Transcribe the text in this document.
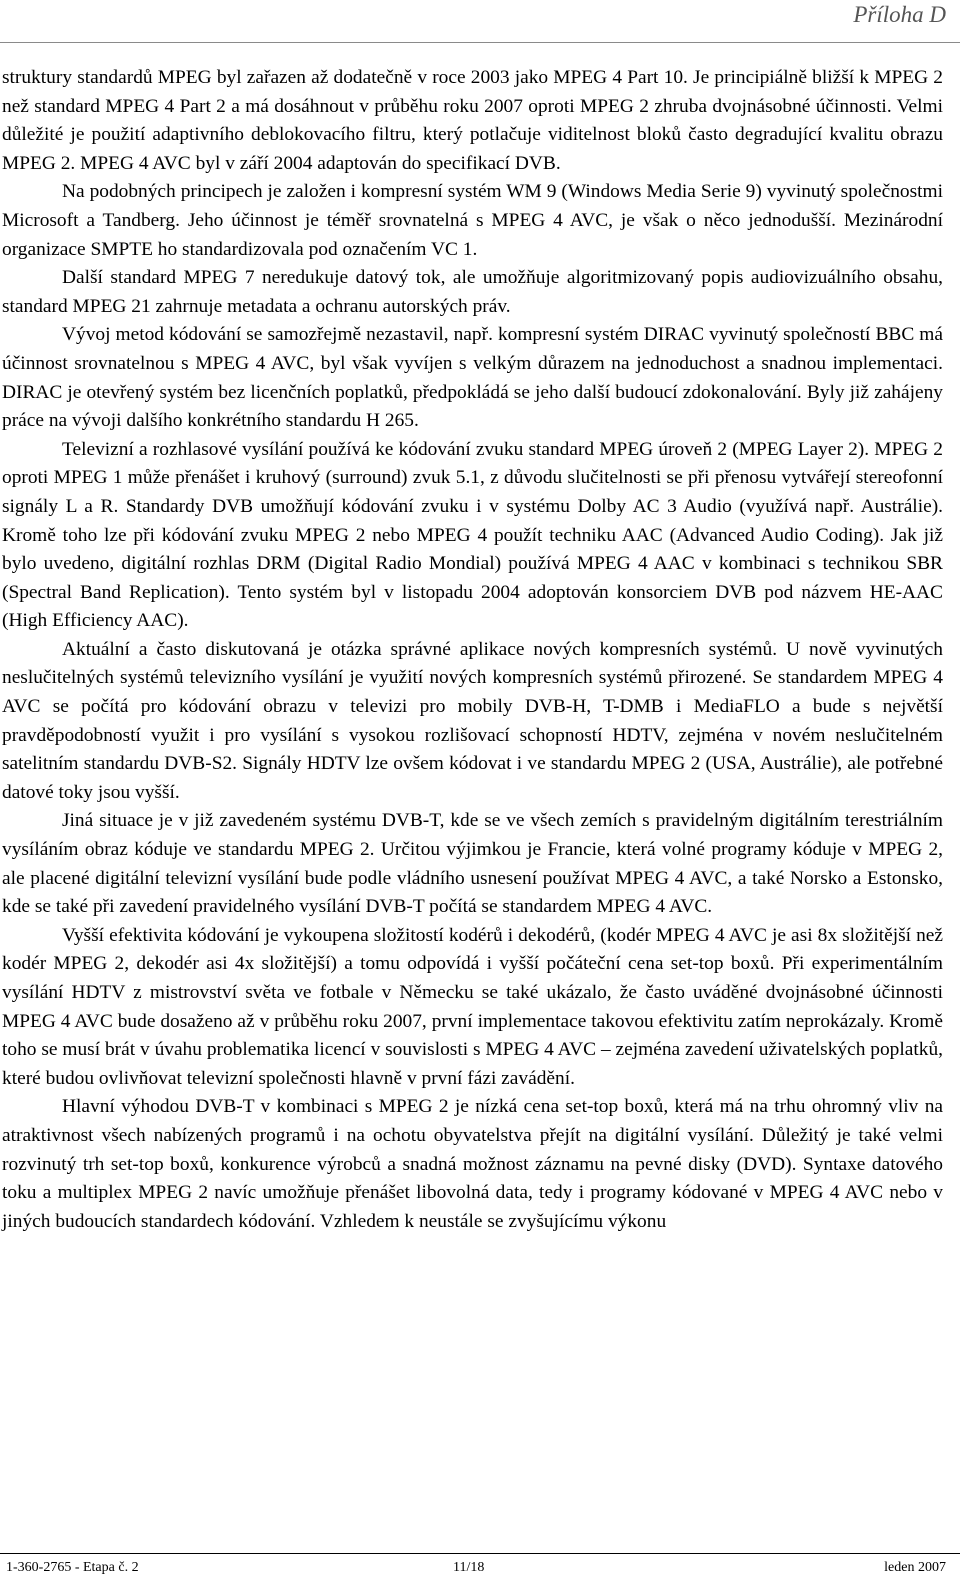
Příloha D

struktury standardů MPEG byl zařazen až dodatečně v roce 2003 jako MPEG 4 Part 10. Je principiálně bližší k MPEG 2 než standard MPEG 4 Part 2 a má dosáhnout v průběhu roku 2007 oproti MPEG 2 zhruba dvojnásobné účinnosti. Velmi důležité je použití adaptivního deblokovacího filtru, který potlačuje viditelnost bloků často degradující kvalitu obrazu MPEG 2. MPEG 4 AVC byl v září 2004 adaptován do specifikací DVB.

Na podobných principech je založen i kompresní systém WM 9 (Windows Media Serie 9) vyvinutý společnostmi Microsoft a Tandberg. Jeho účinnost je téměř srovnatelná s MPEG 4 AVC, je však o něco jednodušší. Mezinárodní organizace SMPTE ho standardizovala pod označením VC 1.

Další standard MPEG 7 neredukuje datový tok, ale umožňuje algoritmizovaný popis audiovizuálního obsahu, standard MPEG 21 zahrnuje metadata a ochranu autorských práv.

Vývoj metod kódování se samozřejmě nezastavil, např. kompresní systém DIRAC vyvinutý společností BBC má účinnost srovnatelnou s MPEG 4 AVC, byl však vyvíjen s velkým důrazem na jednoduchost a snadnou implementaci. DIRAC je otevřený systém bez licenčních poplatků, předpokládá se jeho další budoucí zdokonalování. Byly již zahájeny práce na vývoji dalšího konkrétního standardu H 265.

Televizní a rozhlasové vysílání používá ke kódování zvuku standard MPEG úroveň 2 (MPEG Layer 2). MPEG 2 oproti MPEG 1 může přenášet i kruhový (surround) zvuk 5.1, z důvodu slučitelnosti se při přenosu vytvářejí stereofonní signály L a R. Standardy DVB umožňují kódování zvuku i v systému Dolby AC 3 Audio (využívá např. Austrálie). Kromě toho lze při kódování zvuku MPEG 2 nebo MPEG 4 použít techniku AAC (Advanced Audio Coding). Jak již bylo uvedeno, digitální rozhlas DRM (Digital Radio Mondial) používá MPEG 4 AAC v kombinaci s technikou SBR (Spectral Band Replication). Tento systém byl v listopadu 2004 adoptován konsorciem DVB pod názvem HE-AAC (High Efficiency AAC).

Aktuální a často diskutovaná je otázka správné aplikace nových kompresních systémů. U nově vyvinutých neslučitelných systémů televizního vysílání je využití nových kompresních systémů přirozené. Se standardem MPEG 4 AVC se počítá pro kódování obrazu v televizi pro mobily DVB-H, T-DMB i MediaFLO a bude s největší pravděpodobností využit i pro vysílání s vysokou rozlišovací schopností HDTV, zejména v novém neslučitelném satelitním standardu DVB-S2. Signály HDTV lze ovšem kódovat i ve standardu MPEG 2 (USA, Austrálie), ale potřebné datové toky jsou vyšší.

Jiná situace je v již zavedeném systému DVB-T, kde se ve všech zemích s pravidelným digitálním terestriálním vysíláním obraz kóduje ve standardu MPEG 2. Určitou výjimkou je Francie, která volné programy kóduje v MPEG 2, ale placené digitální televizní vysílání bude podle vládního usnesení používat MPEG 4 AVC, a také Norsko a Estonsko, kde se také při zavedení pravidelného vysílání DVB-T počítá se standardem MPEG 4 AVC.

Vyšší efektivita kódování je vykoupena složitostí kodérů i dekodérů, (kodér MPEG 4 AVC je asi 8x složitější než kodér MPEG 2, dekodér asi 4x složitější) a tomu odpovídá i vyšší počáteční cena set-top boxů. Při experimentálním vysílání HDTV z mistrovství světa ve fotbale v Německu se také ukázalo, že často uváděné dvojnásobné účinnosti MPEG 4 AVC bude dosaženo až v průběhu roku 2007, první implementace takovou efektivitu zatím neprokázaly. Kromě toho se musí brát v úvahu problematika licencí v souvislosti s MPEG 4 AVC – zejména zavedení uživatelských poplatků, které budou ovlivňovat televizní společnosti hlavně v první fázi zavádění.

Hlavní výhodou DVB-T v kombinaci s MPEG 2 je nízká cena set-top boxů, která má na trhu ohromný vliv na atraktivnost všech nabízených programů i na ochotu obyvatelstva přejít na digitální vysílání. Důležitý je také velmi rozvinutý trh set-top boxů, konkurence výrobců a snadná možnost záznamu na pevné disky (DVD). Syntaxe datového toku a multiplex MPEG 2 navíc umožňuje přenášet libovolná data, tedy i programy kódované v MPEG 4 AVC nebo v jiných budoucích standardech kódování. Vzhledem k neustále se zvyšujícímu výkonu

1-360-2765 - Etapa č. 2	11/18	leden 2007
